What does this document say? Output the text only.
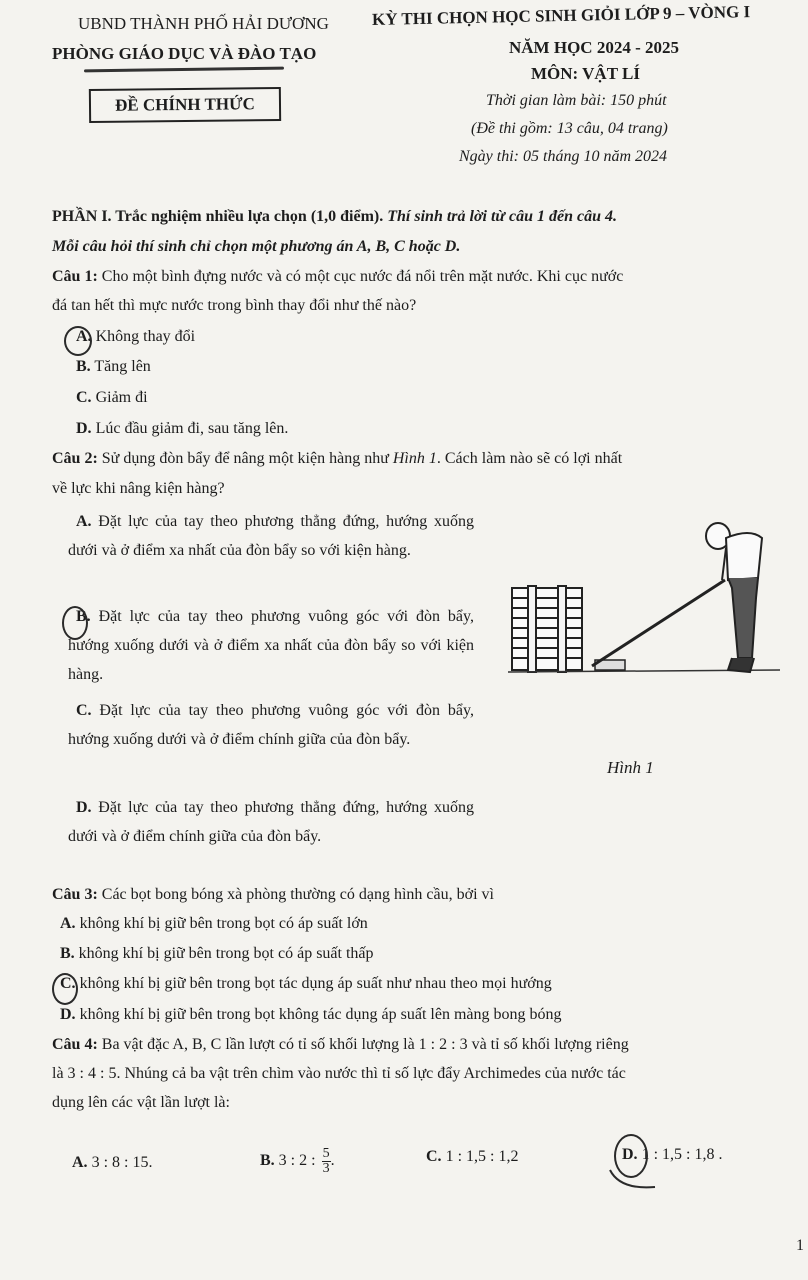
UBND THÀNH PHỐ HẢI DƯƠNG
PHÒNG GIÁO DỤC VÀ ĐÀO TẠO
ĐỀ CHÍNH THỨC
KỲ THI CHỌN HỌC SINH GIỎI LỚP 9 – VÒNG I
NĂM HỌC 2024 - 2025
MÔN: VẬT LÍ
Thời gian làm bài: 150 phút
(Đề thi gồm: 13 câu, 04 trang)
Ngày thi: 05 tháng 10 năm 2024
PHẦN I. Trắc nghiệm nhiều lựa chọn (1,0 điểm). Thí sinh trả lời từ câu 1 đến câu 4.
Mỗi câu hỏi thí sinh chỉ chọn một phương án A, B, C hoặc D.
Câu 1: Cho một bình đựng nước và có một cục nước đá nổi trên mặt nước. Khi cục nước
đá tan hết thì mực nước trong bình thay đổi như thế nào?
A. Không thay đổi
B. Tăng lên
C. Giảm đi
D. Lúc đầu giảm đi, sau tăng lên.
Câu 2: Sử dụng đòn bẩy để nâng một kiện hàng như Hình 1. Cách làm nào sẽ có lợi nhất
về lực khi nâng kiện hàng?
A. Đặt lực của tay theo phương thẳng đứng, hướng xuống dưới và ở điểm xa nhất của đòn bẩy so với kiện hàng.
B. Đặt lực của tay theo phương vuông góc với đòn bẩy, hướng xuống dưới và ở điểm xa nhất của đòn bẩy so với kiện hàng.
C. Đặt lực của tay theo phương vuông góc với đòn bẩy, hướng xuống dưới và ở điểm chính giữa của đòn bẩy.
D. Đặt lực của tay theo phương thẳng đứng, hướng xuống dưới và ở điểm chính giữa của đòn bẩy.
Hình 1
Câu 3: Các bọt bong bóng xà phòng thường có dạng hình cầu, bởi vì
A. không khí bị giữ bên trong bọt có áp suất lớn
B. không khí bị giữ bên trong bọt có áp suất thấp
C. không khí bị giữ bên trong bọt tác dụng áp suất như nhau theo mọi hướng
D. không khí bị giữ bên trong bọt không tác dụng áp suất lên màng bong bóng
Câu 4: Ba vật đặc A, B, C lần lượt có tỉ số khối lượng là 1 : 2 : 3 và tỉ số khối lượng riêng
là 3 : 4 : 5. Nhúng cả ba vật trên chìm vào nước thì tỉ số lực đẩy Archimedes của nước tác
dụng lên các vật lần lượt là:
A. 3 : 8 : 15.	B. 3 : 2 : $\frac{5}{3}$ .	C. 1 : 1,5 : 1,2	D. 1 : 1,5 : 1,8 .
1
